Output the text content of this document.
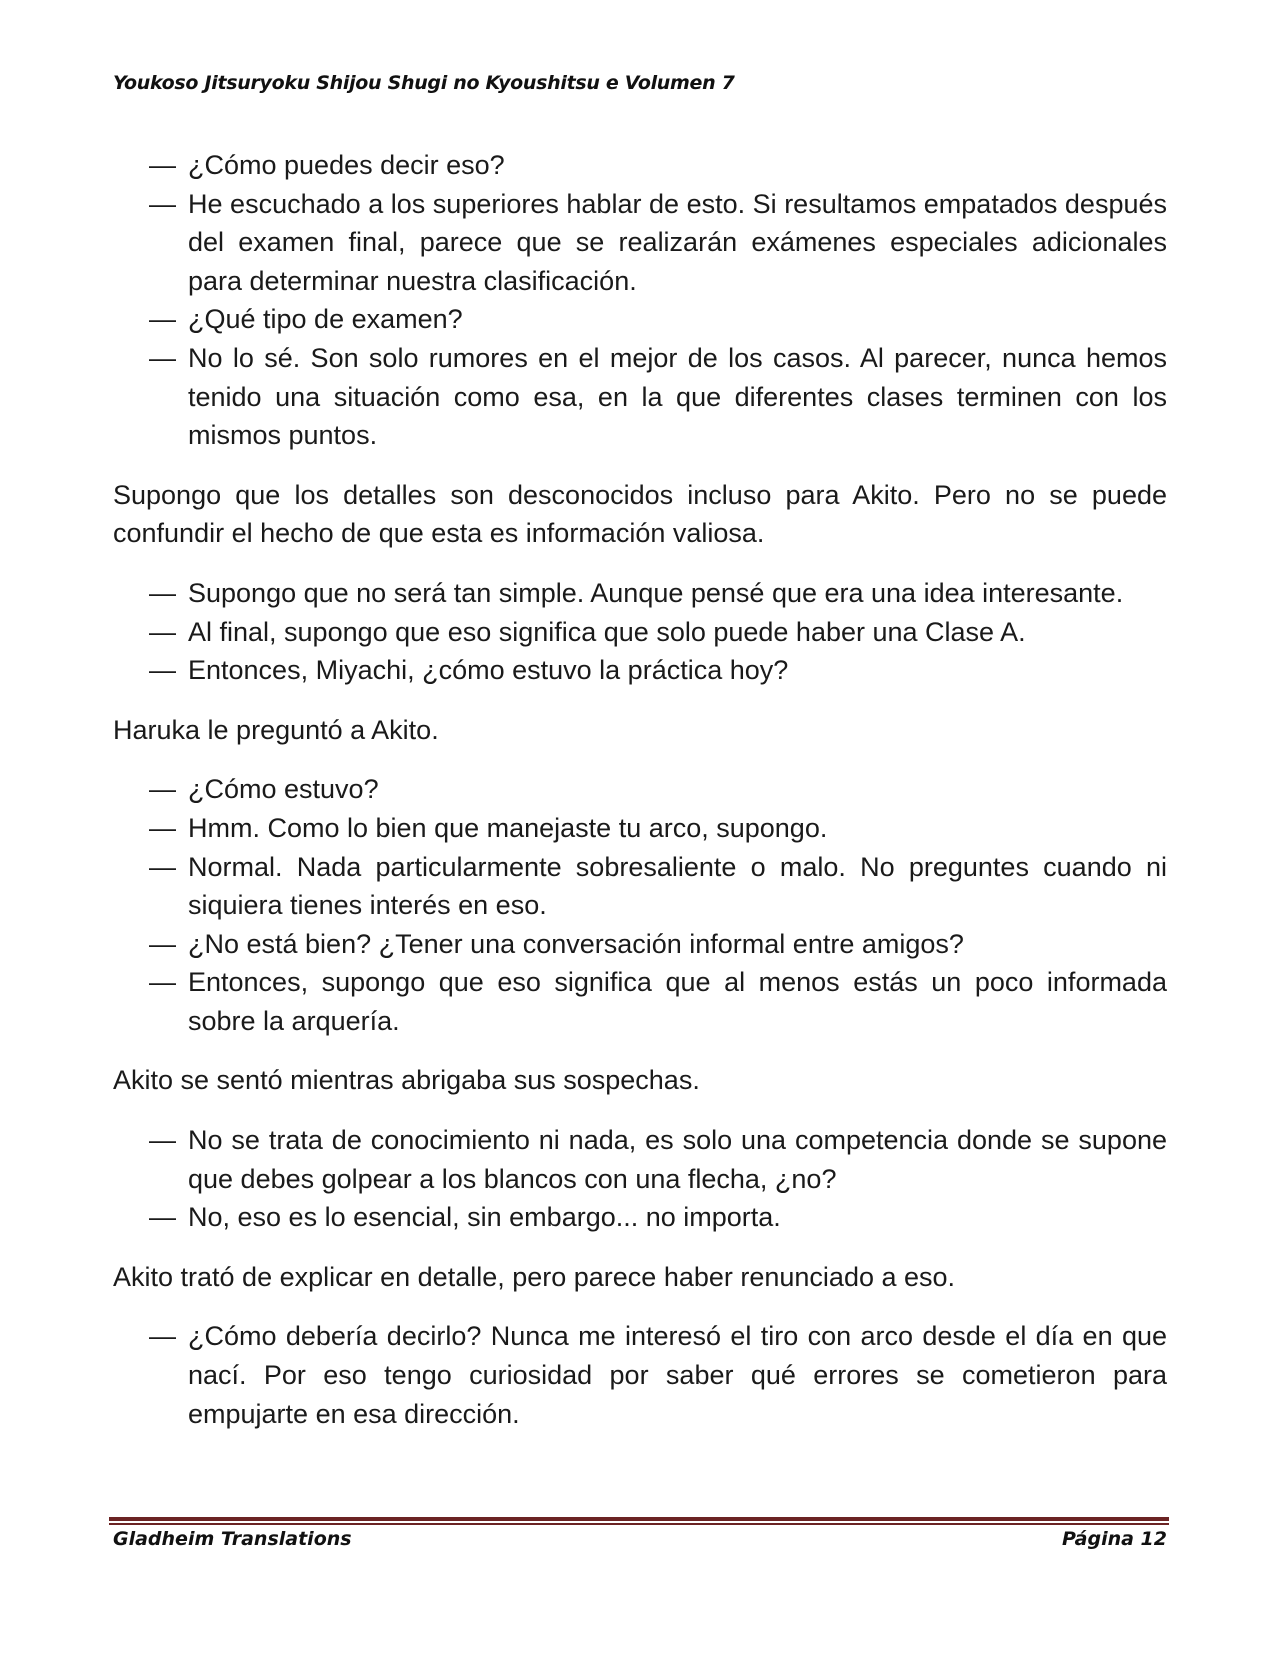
Youkoso Jitsuryoku Shijou Shugi no Kyoushitsu e Volumen 7
— ¿Cómo puedes decir eso?
— He escuchado a los superiores hablar de esto. Si resultamos empatados después del examen final, parece que se realizarán exámenes especiales adicionales para determinar nuestra clasificación.
— ¿Qué tipo de examen?
— No lo sé. Son solo rumores en el mejor de los casos. Al parecer, nunca hemos tenido una situación como esa, en la que diferentes clases terminen con los mismos puntos.

Supongo que los detalles son desconocidos incluso para Akito. Pero no se puede confundir el hecho de que esta es información valiosa.

— Supongo que no será tan simple. Aunque pensé que era una idea interesante.
— Al final, supongo que eso significa que solo puede haber una Clase A.
— Entonces, Miyachi, ¿cómo estuvo la práctica hoy?

Haruka le preguntó a Akito.

— ¿Cómo estuvo?
— Hmm. Como lo bien que manejaste tu arco, supongo.
— Normal. Nada particularmente sobresaliente o malo. No preguntes cuando ni siquiera tienes interés en eso.
— ¿No está bien? ¿Tener una conversación informal entre amigos?
— Entonces, supongo que eso significa que al menos estás un poco informada sobre la arquería.

Akito se sentó mientras abrigaba sus sospechas.

— No se trata de conocimiento ni nada, es solo una competencia donde se supone que debes golpear a los blancos con una flecha, ¿no?
— No, eso es lo esencial, sin embargo... no importa.

Akito trató de explicar en detalle, pero parece haber renunciado a eso.

— ¿Cómo debería decirlo? Nunca me interesó el tiro con arco desde el día en que nací. Por eso tengo curiosidad por saber qué errores se cometieron para empujarte en esa dirección.
Gladheim Translations	Página 12
